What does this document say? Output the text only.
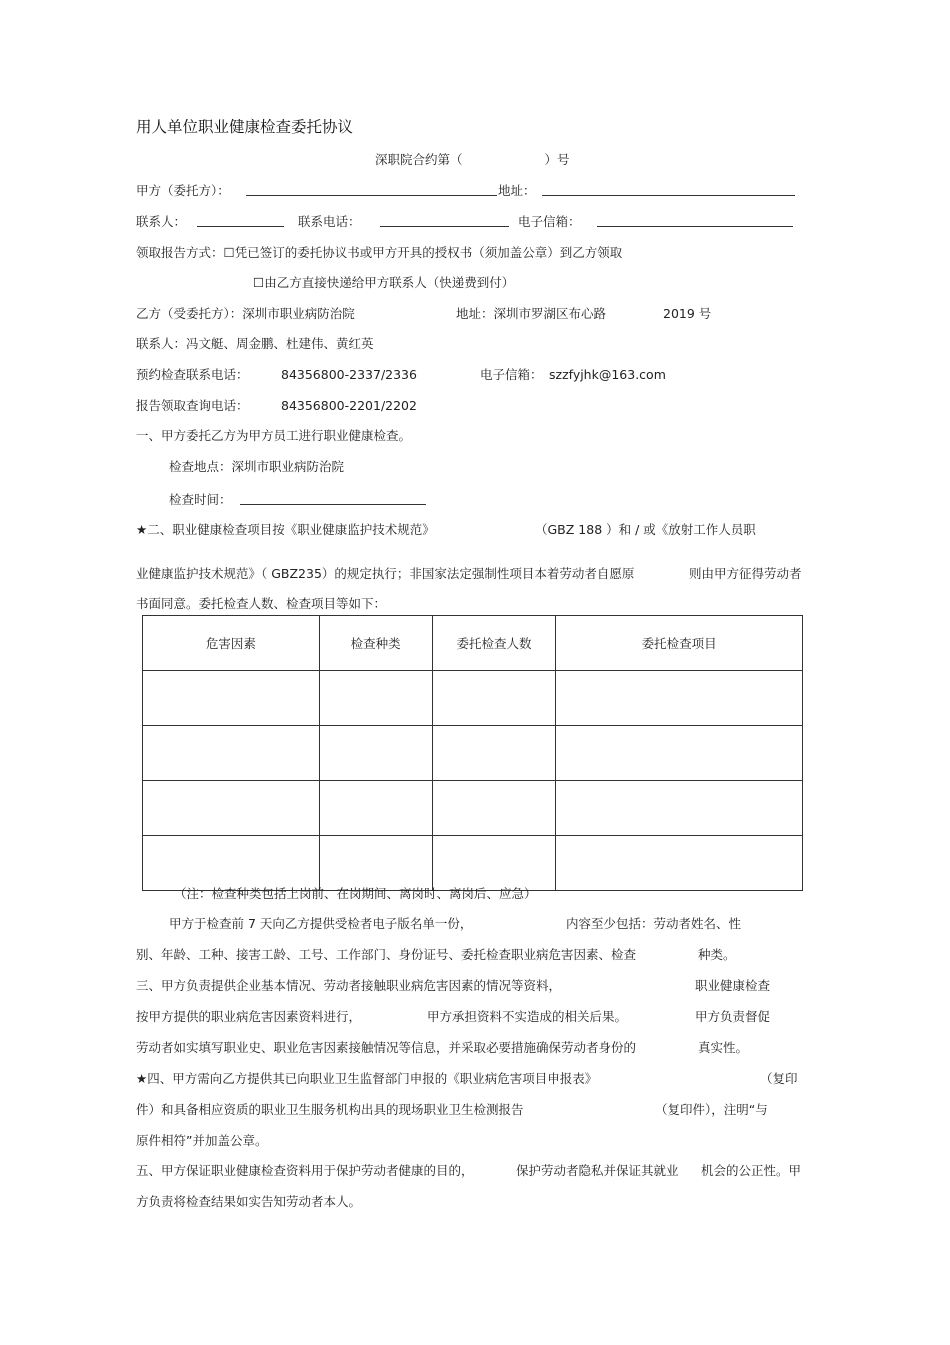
用人单位职业健康检查委托协议
深职院合约第（	）号
甲方（委托方）：	地址：
联系人：	联系电话：	电子信箱：
领取报告方式：☐凭已签订的委托协议书或甲方开具的授权书（须加盖公章）到乙方领取
☐由乙方直接快递给甲方联系人（快递费到付）
乙方（受委托方）：深圳市职业病防治院	地址：深圳市罗湖区布心路	2019 号
联系人：冯文艇、周金鹏、杜建伟、黄红英
预约检查联系电话：	84356800-2337/2336	电子信箱： szzfyjhk@163.com
报告领取查询电话：	84356800-2201/2202
一、甲方委托乙方为甲方员工进行职业健康检查。
检查地点：深圳市职业病防治院
检查时间：
★二、职业健康检查项目按《职业健康监护技术规范》	（GBZ 188 ）和 / 或《放射工作人员职
业健康监护技术规范》（ GBZ235）的规定执行；非国家法定强制性项目本着劳动者自愿原	则由甲方征得劳动者
书面同意。委托检查人数、检查项目等如下：
危害因素	检查种类	委托检查人数	委托检查项目

（注：检查种类包括上岗前、在岗期间、离岗时、离岗后、应急）
甲方于检查前 7 天向乙方提供受检者电子版名单一份，	内容至少包括：劳动者姓名、性
别、年龄、工种、接害工龄、工号、工作部门、身份证号、委托检查职业病危害因素、检查	种类。
三、甲方负责提供企业基本情况、劳动者接触职业病危害因素的情况等资料，	职业健康检查
按甲方提供的职业病危害因素资料进行，	甲方承担资料不实造成的相关后果。	甲方负责督促
劳动者如实填写职业史、职业危害因素接触情况等信息，并采取必要措施确保劳动者身份的	真实性。
★四、甲方需向乙方提供其已向职业卫生监督部门申报的《职业病危害项目申报表》	（复印
件）和具备相应资质的职业卫生服务机构出具的现场职业卫生检测报告	（复印件），注明“与
原件相符”并加盖公章。
五、甲方保证职业健康检查资料用于保护劳动者健康的目的，	保护劳动者隐私并保证其就业 机会的公正性。甲
方负责将检查结果如实告知劳动者本人。
